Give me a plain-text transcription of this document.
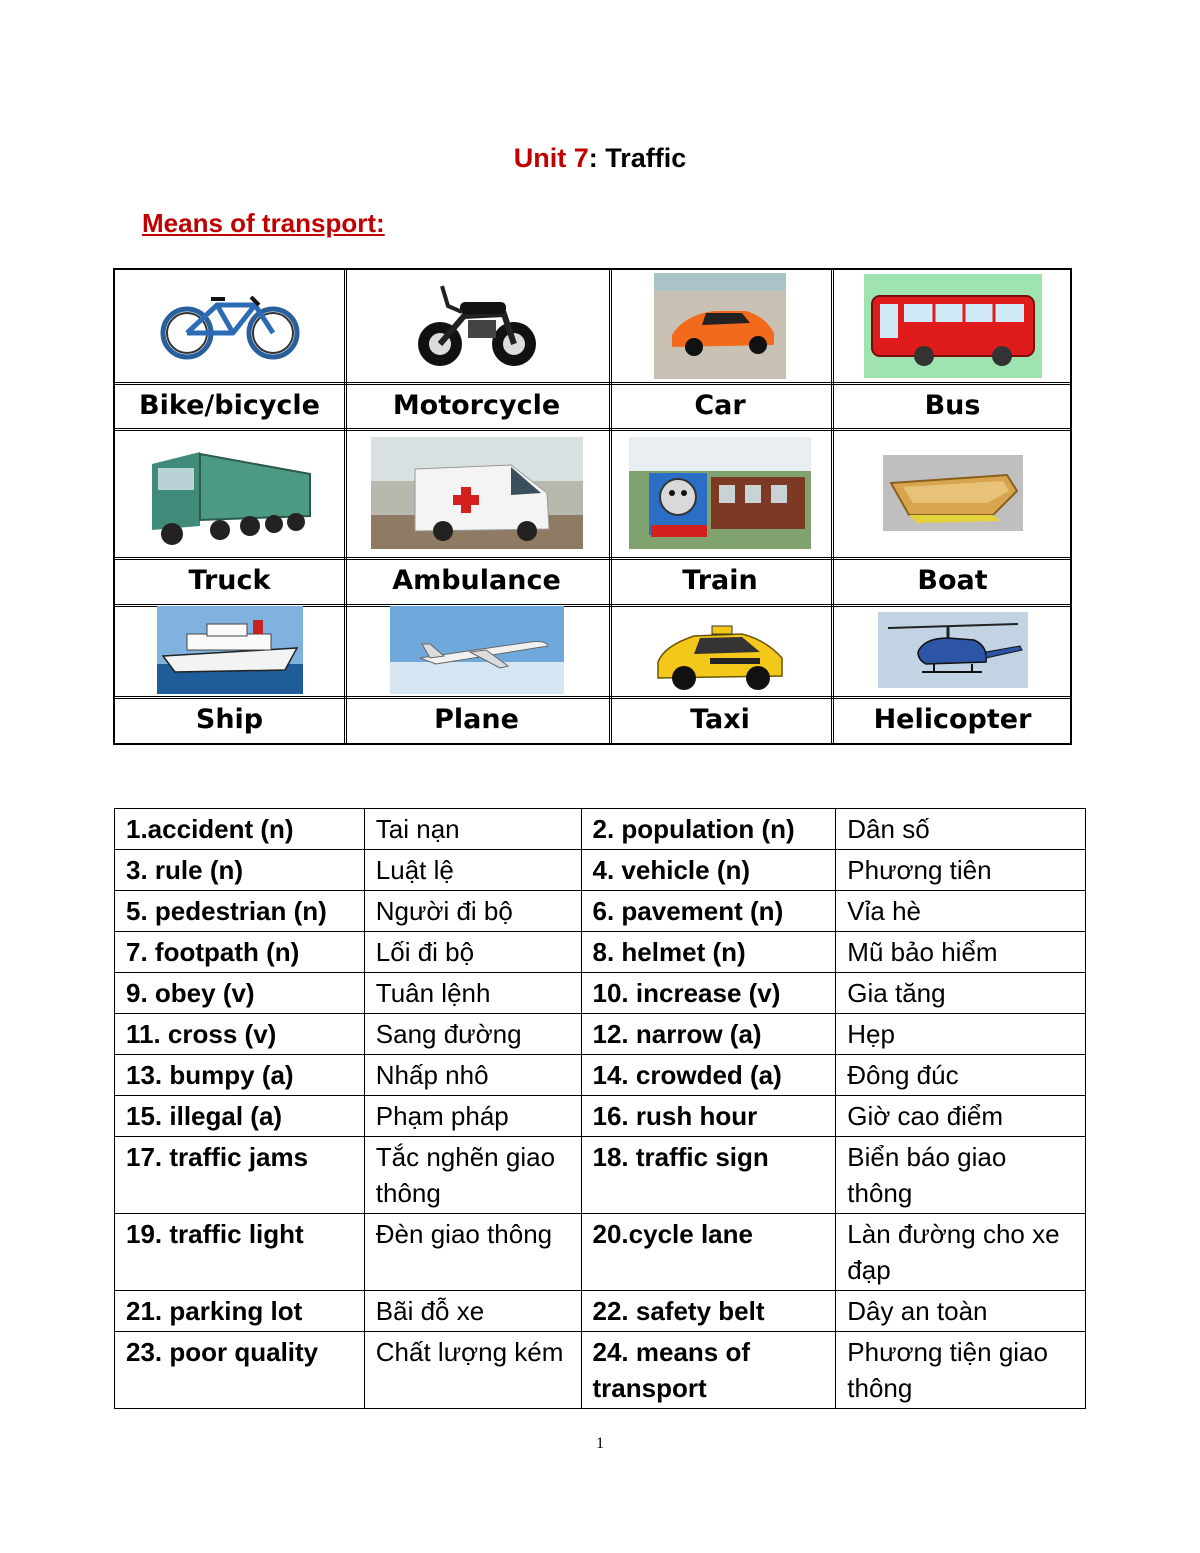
Unit 7: Traffic
Means of transport:
Bike/bicycle	Motorcycle	Car	Bus
Truck	Ambulance	Train	Boat
Ship	Plane	Taxi	Helicopter
1.accident (n)	Tai nạn	2. population (n)	Dân số
3. rule (n)	Luật lệ	4. vehicle (n)	Phương tiên
5. pedestrian (n)	Người đi bộ	6. pavement (n)	Vỉa hè
7. footpath (n)	Lối đi bộ	8. helmet (n)	Mũ bảo hiểm
9. obey (v)	Tuân lệnh	10. increase (v)	Gia tăng
11. cross (v)	Sang đường	12. narrow (a)	Hẹp
13. bumpy (a)	Nhấp nhô	14. crowded (a)	Đông đúc
15. illegal (a)	Phạm pháp	16. rush hour	Giờ cao điểm
17. traffic jams	Tắc nghẽn giao thông	18. traffic sign	Biển báo giao thông
19. traffic light	Đèn giao thông	20.cycle lane	Làn đường cho xe đạp
21. parking lot	Bãi đỗ xe	22. safety belt	Dây an toàn
23. poor quality	Chất lượng kém	24. means of transport	Phương tiện giao thông
1
